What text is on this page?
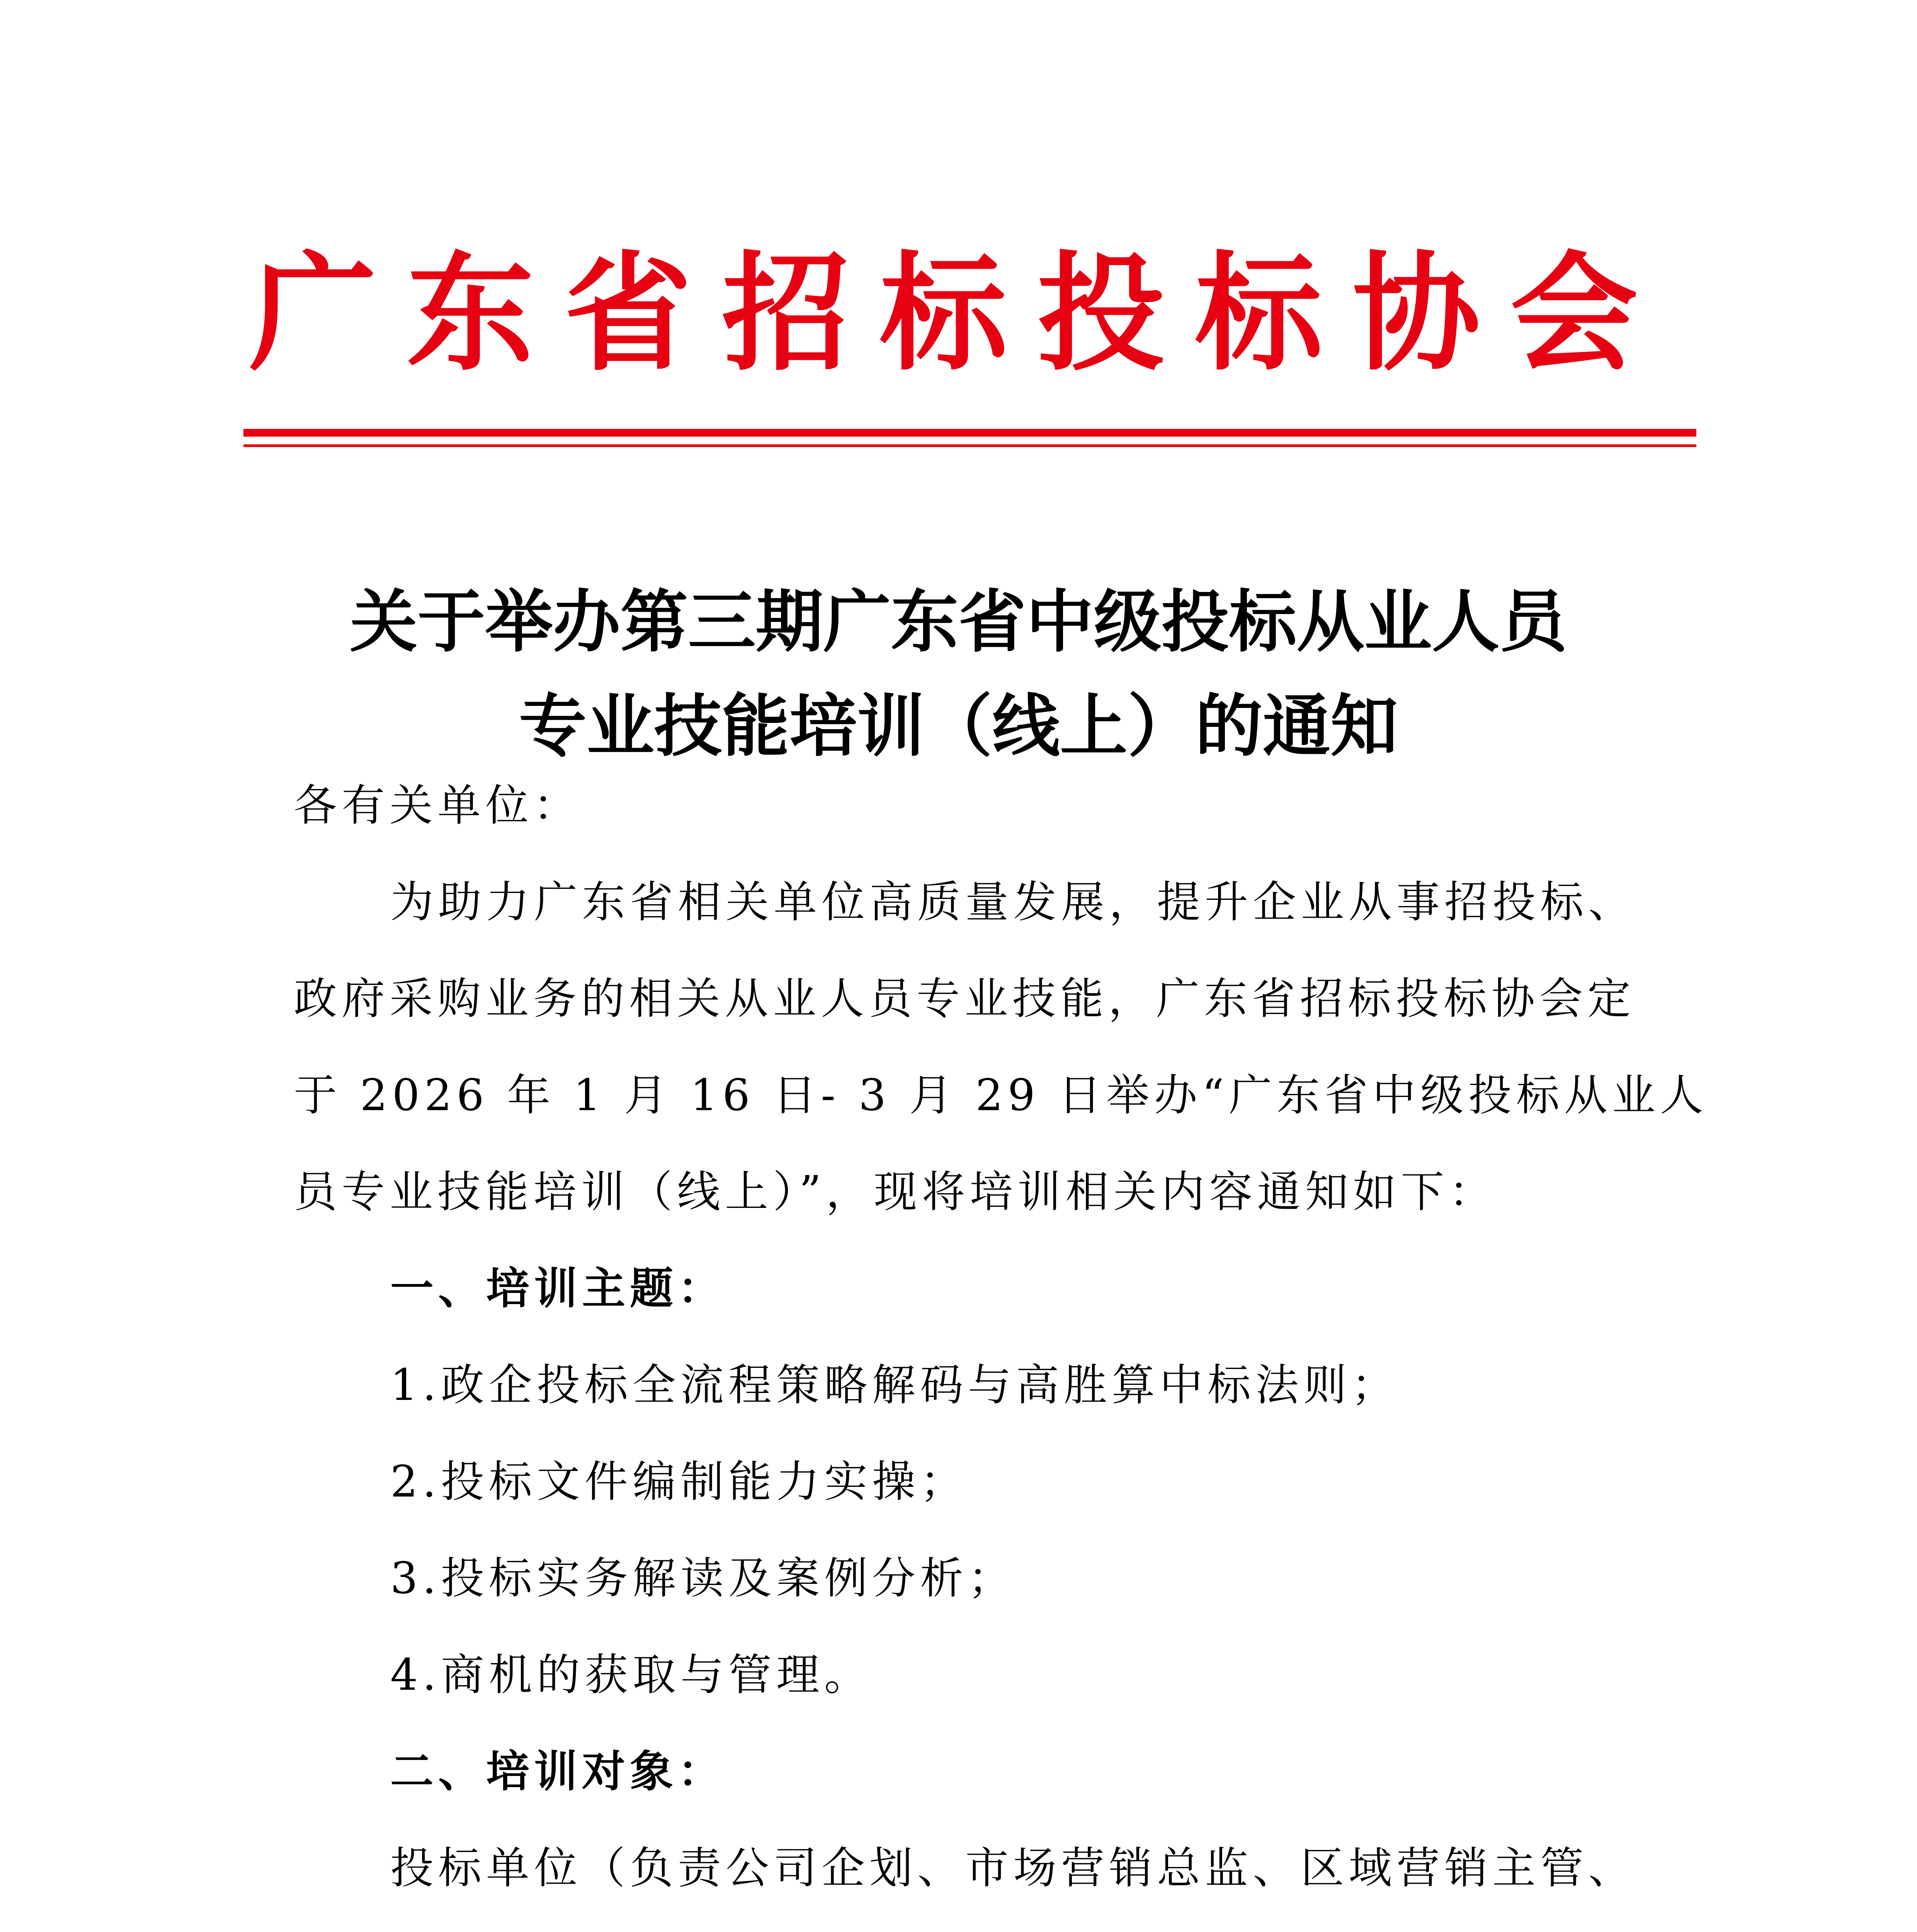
广东省招标投标协会
关于举办第三期广东省中级投标从业人员
专业技能培训（线上）的通知
各有关单位：
为助力广东省相关单位高质量发展，提升企业从事招投标、
政府采购业务的相关从业人员专业技能，广东省招标投标协会定
于 2026 年 1 月 16 日- 3 月 29 日举办“广东省中级投标从业人
员专业技能培训（线上）”，现将培训相关内容通知如下：
一、培训主题：
1.政企投标全流程策略解码与高胜算中标法则；
2.投标文件编制能力实操；
3.投标实务解读及案例分析；
4.商机的获取与管理。
二、培训对象：
投标单位（负责公司企划、市场营销总监、区域营销主管、
